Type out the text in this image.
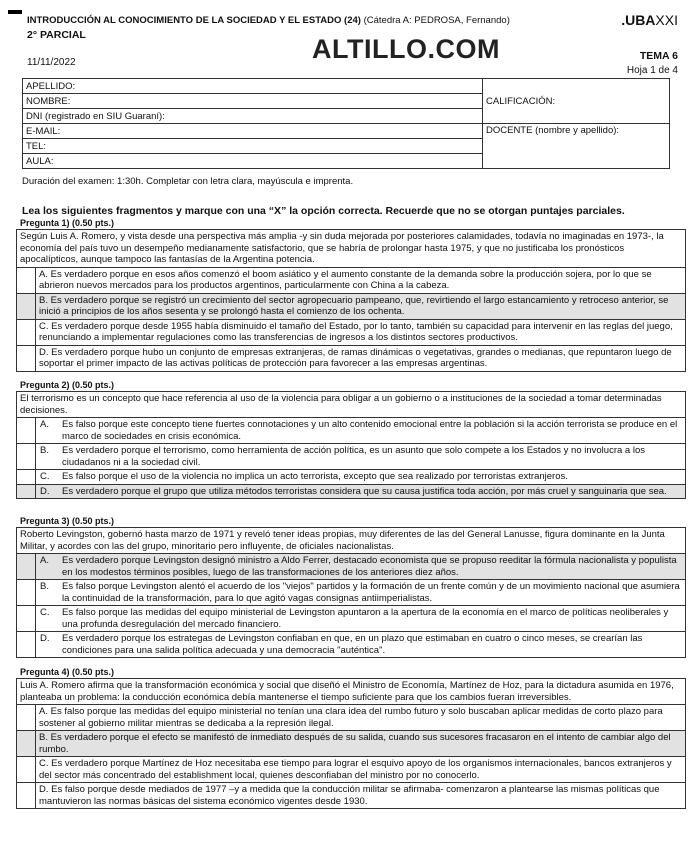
INTRODUCCIÓN AL CONOCIMIENTO DE LA SOCIEDAD Y EL ESTADO (24) (Cátedra A: PEDROSA, Fernando)	.UBAXXI
2° PARCIAL
11/11/2022	ALTILLO.COM	TEMA 6
Hoja 1 de 4
APELLIDO:	CALIFICACIÓN:
NOMBRE:	
DNI (registrado en SIU Guaraní):	
E-MAIL:	DOCENTE (nombre y apellido):
TEL:	
AULA:	
Duración del examen: 1:30h. Completar con letra clara, mayúscula e imprenta.
Lea los siguientes fragmentos y marque con una “X” la opción correcta. Recuerde que no se otorgan puntajes parciales.
Pregunta 1) (0.50 pts.)
Según Luis A. Romero, y vista desde una perspectiva más amplia -y sin duda mejorada por posteriores calamidades, todavía no imaginadas en 1973-, la economía del país tuvo un desempeño medianamente satisfactorio, que se habría de prolongar hasta 1975, y que no justificaba los pronósticos apocalípticos, aunque tampoco las fantasías de la Argentina potencia.
A. Es verdadero porque en esos años comenzó el boom asiático y el aumento constante de la demanda sobre la producción sojera, por lo que se abrieron nuevos mercados para los productos argentinos, particularmente con China a la cabeza.
B. Es verdadero porque se registró un crecimiento del sector agropecuario pampeano, que, revirtiendo el largo estancamiento y retroceso anterior, se inició a principios de los años sesenta y se prolongó hasta el comienzo de los ochenta.
C. Es verdadero porque desde 1955 había disminuido el tamaño del Estado, por lo tanto, también su capacidad para intervenir en las reglas del juego, renunciando a implementar regulaciones como las transferencias de ingresos a los distintos sectores productivos.
D. Es verdadero porque hubo un conjunto de empresas extranjeras, de ramas dinámicas o vegetativas, grandes o medianas, que repuntaron luego de soportar el primer impacto de las activas políticas de protección para favorecer a las empresas argentinas.
Pregunta 2) (0.50 pts.)
El terrorismo es un concepto que hace referencia al uso de la violencia para obligar a un gobierno o a instituciones de la sociedad a tomar determinadas decisiones.
A.	Es falso porque este concepto tiene fuertes connotaciones y un alto contenido emocional entre la población si la acción terrorista se produce en el marco de sociedades en crisis económica.
B.	Es verdadero porque el terrorismo, como herramienta de acción política, es un asunto que solo compete a los Estados y no involucra a los ciudadanos ni a la sociedad civil.
C.	Es falso porque el uso de la violencia no implica un acto terrorista, excepto que sea realizado por terroristas extranjeros.
D.	Es verdadero porque el grupo que utiliza métodos terroristas considera que su causa justifica toda acción, por más cruel y sanguinaria que sea.
Pregunta 3) (0.50 pts.)
Roberto Levingston, gobernó hasta marzo de 1971 y reveló tener ideas propias, muy diferentes de las del General Lanusse, figura dominante en la Junta Militar, y acordes con las del grupo, minoritario pero influyente, de oficiales nacionalistas.
A.	Es verdadero porque Levingston designó ministro a Aldo Ferrer, destacado economista que se propuso reeditar la fórmula nacionalista y populista en los modestos términos posibles, luego de las transformaciones de los anteriores diez años.
B.	Es falso porque Levingston alentó el acuerdo de los "viejos" partidos y la formación de un frente común y de un movimiento nacional que asumiera la continuidad de la transformación, para lo que agitó vagas consignas antiimperialistas.
C.	Es falso porque las medidas del equipo ministerial de Levingston apuntaron a la apertura de la economía en el marco de políticas neoliberales y una profunda desregulación del mercado financiero.
D.	Es verdadero porque los estrategas de Levingston confiaban en que, en un plazo que estimaban en cuatro o cinco meses, se crearían las condiciones para una salida política adecuada y una democracia "auténtica".
Pregunta 4) (0.50 pts.)
Luis A. Romero afirma que la transformación económica y social que diseñó el Ministro de Economía, Martínez de Hoz, para la dictadura asumida en 1976, planteaba un problema: la conducción económica debía mantenerse el tiempo suficiente para que los cambios fueran irreversibles.
A. Es falso porque las medidas del equipo ministerial no tenían una clara idea del rumbo futuro y solo buscaban aplicar medidas de corto plazo para sostener al gobierno militar mientras se dedicaba a la represión ilegal.
B. Es verdadero porque el efecto se manifestó de inmediato después de su salida, cuando sus sucesores fracasaron en el intento de cambiar algo del rumbo.
C. Es verdadero porque Martínez de Hoz necesitaba ese tiempo para lograr el esquivo apoyo de los organismos internacionales, bancos extranjeros y del sector más concentrado del establishment local, quienes desconfiaban del ministro por no conocerlo.
D. Es falso porque desde mediados de 1977 –y a medida que la conducción militar se afirmaba- comenzaron a plantearse las mismas políticas que mantuvieron las normas básicas del sistema económico vigentes desde 1930.
